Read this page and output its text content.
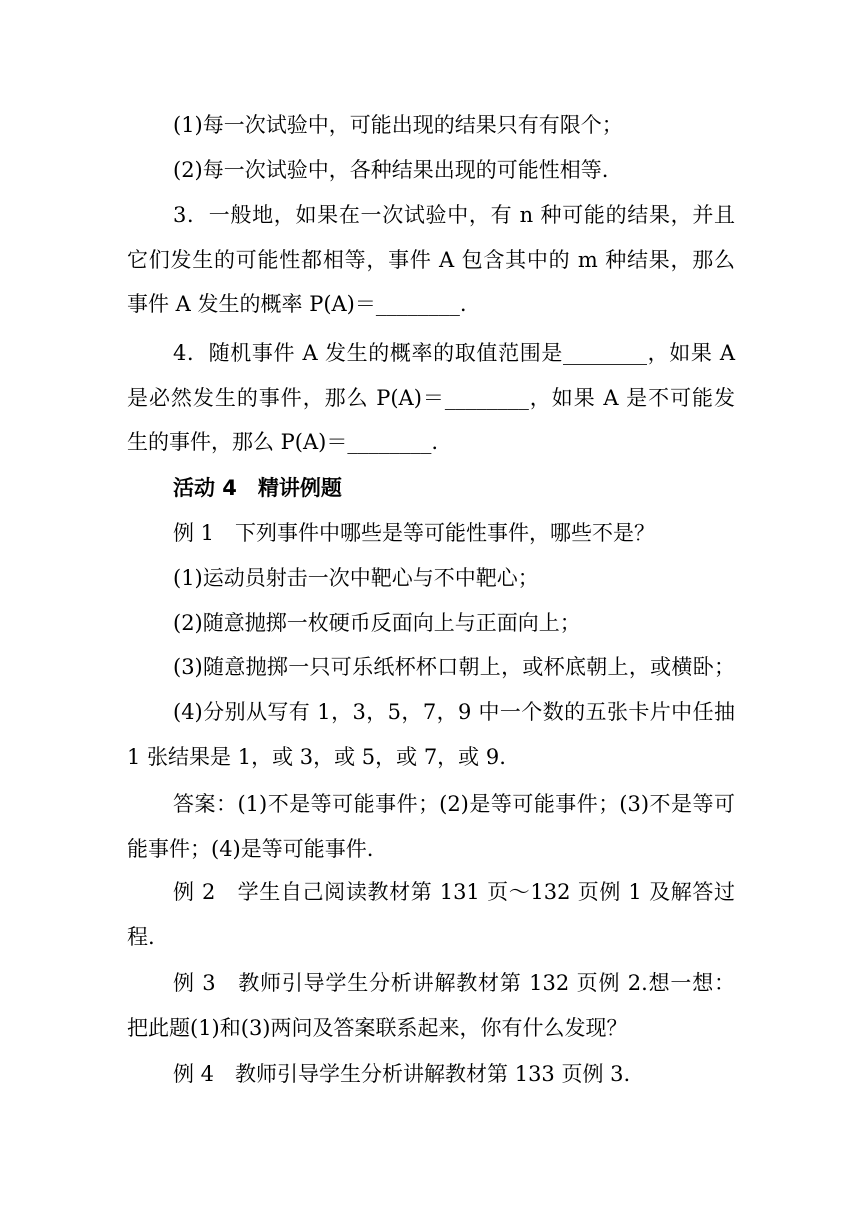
(1)每一次试验中，可能出现的结果只有有限个；

(2)每一次试验中，各种结果出现的可能性相等.

3．一般地，如果在一次试验中，有 n 种可能的结果，并且
它们发生的可能性都相等，事件 A 包含其中的 m 种结果，那么
事件 A 发生的概率 P(A)＝________.

4．随机事件 A 发生的概率的取值范围是________，如果 A
是必然发生的事件，那么 P(A)＝________，如果 A 是不可能发
生的事件，那么 P(A)＝________.

活动 4　精讲例题

例 1　下列事件中哪些是等可能性事件，哪些不是？

(1)运动员射击一次中靶心与不中靶心；

(2)随意抛掷一枚硬币反面向上与正面向上；

(3)随意抛掷一只可乐纸杯杯口朝上，或杯底朝上，或横卧；

(4)分别从写有 1，3，5，7，9 中一个数的五张卡片中任抽
1 张结果是 1，或 3，或 5，或 7，或 9.

答案：(1)不是等可能事件；(2)是等可能事件；(3)不是等可
能事件；(4)是等可能事件.

例 2　学生自己阅读教材第 131 页～132 页例 1 及解答过
程.

例 3　教师引导学生分析讲解教材第 132 页例 2.想一想：
把此题(1)和(3)两问及答案联系起来，你有什么发现？

例 4　教师引导学生分析讲解教材第 133 页例 3.
